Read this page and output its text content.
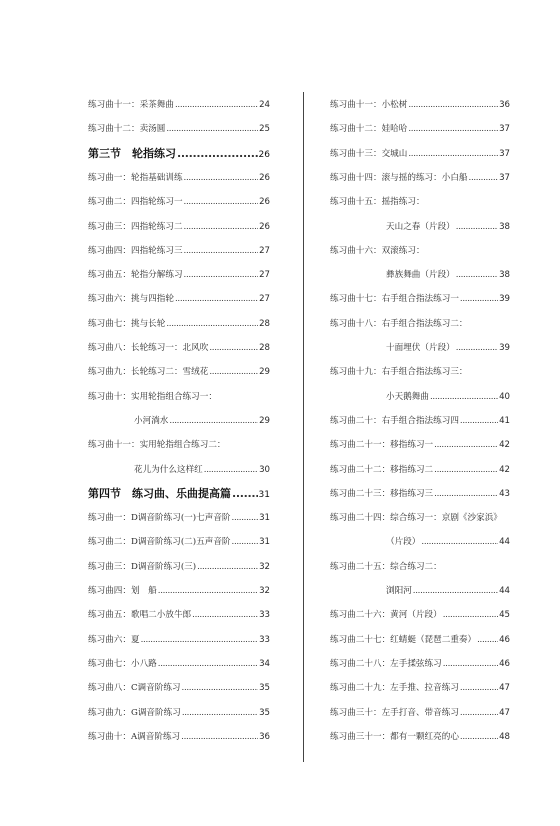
练习曲十一：采茶舞曲 .....	24
练习曲十二：卖汤圆 .....	25
第三节　轮指练习 .....	26
练习曲一：轮指基础训练 .....	26
练习曲二：四指轮练习一 .....	26
练习曲三：四指轮练习二 .....	26
练习曲四：四指轮练习三 .....	27
练习曲五：轮指分解练习 .....	27
练习曲六：挑与四指轮 .....	27
练习曲七：挑与长轮 .....	28
练习曲八：长轮练习一：北风吹 .....	28
练习曲九：长轮练习二：雪绒花 .....	29
练习曲十：实用轮指组合练习一：
小河淌水 .....	29
练习曲十一：实用轮指组合练习二：
花儿为什么这样红 .....	30
第四节　练习曲、乐曲提高篇 .....	31
练习曲一：D调音阶练习(一)七声音阶 .....	31
练习曲二：D调音阶练习(二)五声音阶 .....	31
练习曲三：D调音阶练习(三) .....	32
练习曲四：划　船 .....	32
练习曲五：歌唱二小放牛郎 .....	33
练习曲六：夏 .....	33
练习曲七：小八路 .....	34
练习曲八：C调音阶练习 .....	35
练习曲九：G调音阶练习 .....	35
练习曲十：A调音阶练习 .....	36
练习曲十一：小松树 .....	36
练习曲十二：娃哈哈 .....	37
练习曲十三：交城山 .....	37
练习曲十四：滚与摇的练习：小白船 .....	37
练习曲十五：摇指练习：
天山之春（片段） .....	38
练习曲十六：双滚练习：
彝族舞曲（片段） .....	38
练习曲十七：右手组合指法练习一 .....	39
练习曲十八：右手组合指法练习二：
十面埋伏（片段） .....	39
练习曲十九：右手组合指法练习三：
小天鹅舞曲 .....	40
练习曲二十：右手组合指法练习四 .....	41
练习曲二十一：移指练习一 .....	42
练习曲二十二：移指练习二 .....	42
练习曲二十三：移指练习三 .....	43
练习曲二十四：综合练习一：京剧《沙家浜》
（片段） .....	44
练习曲二十五：综合练习二：
浏阳河 .....	44
练习曲二十六：黄河（片段） .....	45
练习曲二十七：红蜻蜓（琵琶二重奏） .....	46
练习曲二十八：左手揉弦练习 .....	46
练习曲二十九：左手推、拉音练习 .....	47
练习曲三十：左手打音、带音练习 .....	47
练习曲三十一：都有一颗红亮的心 .....	48
